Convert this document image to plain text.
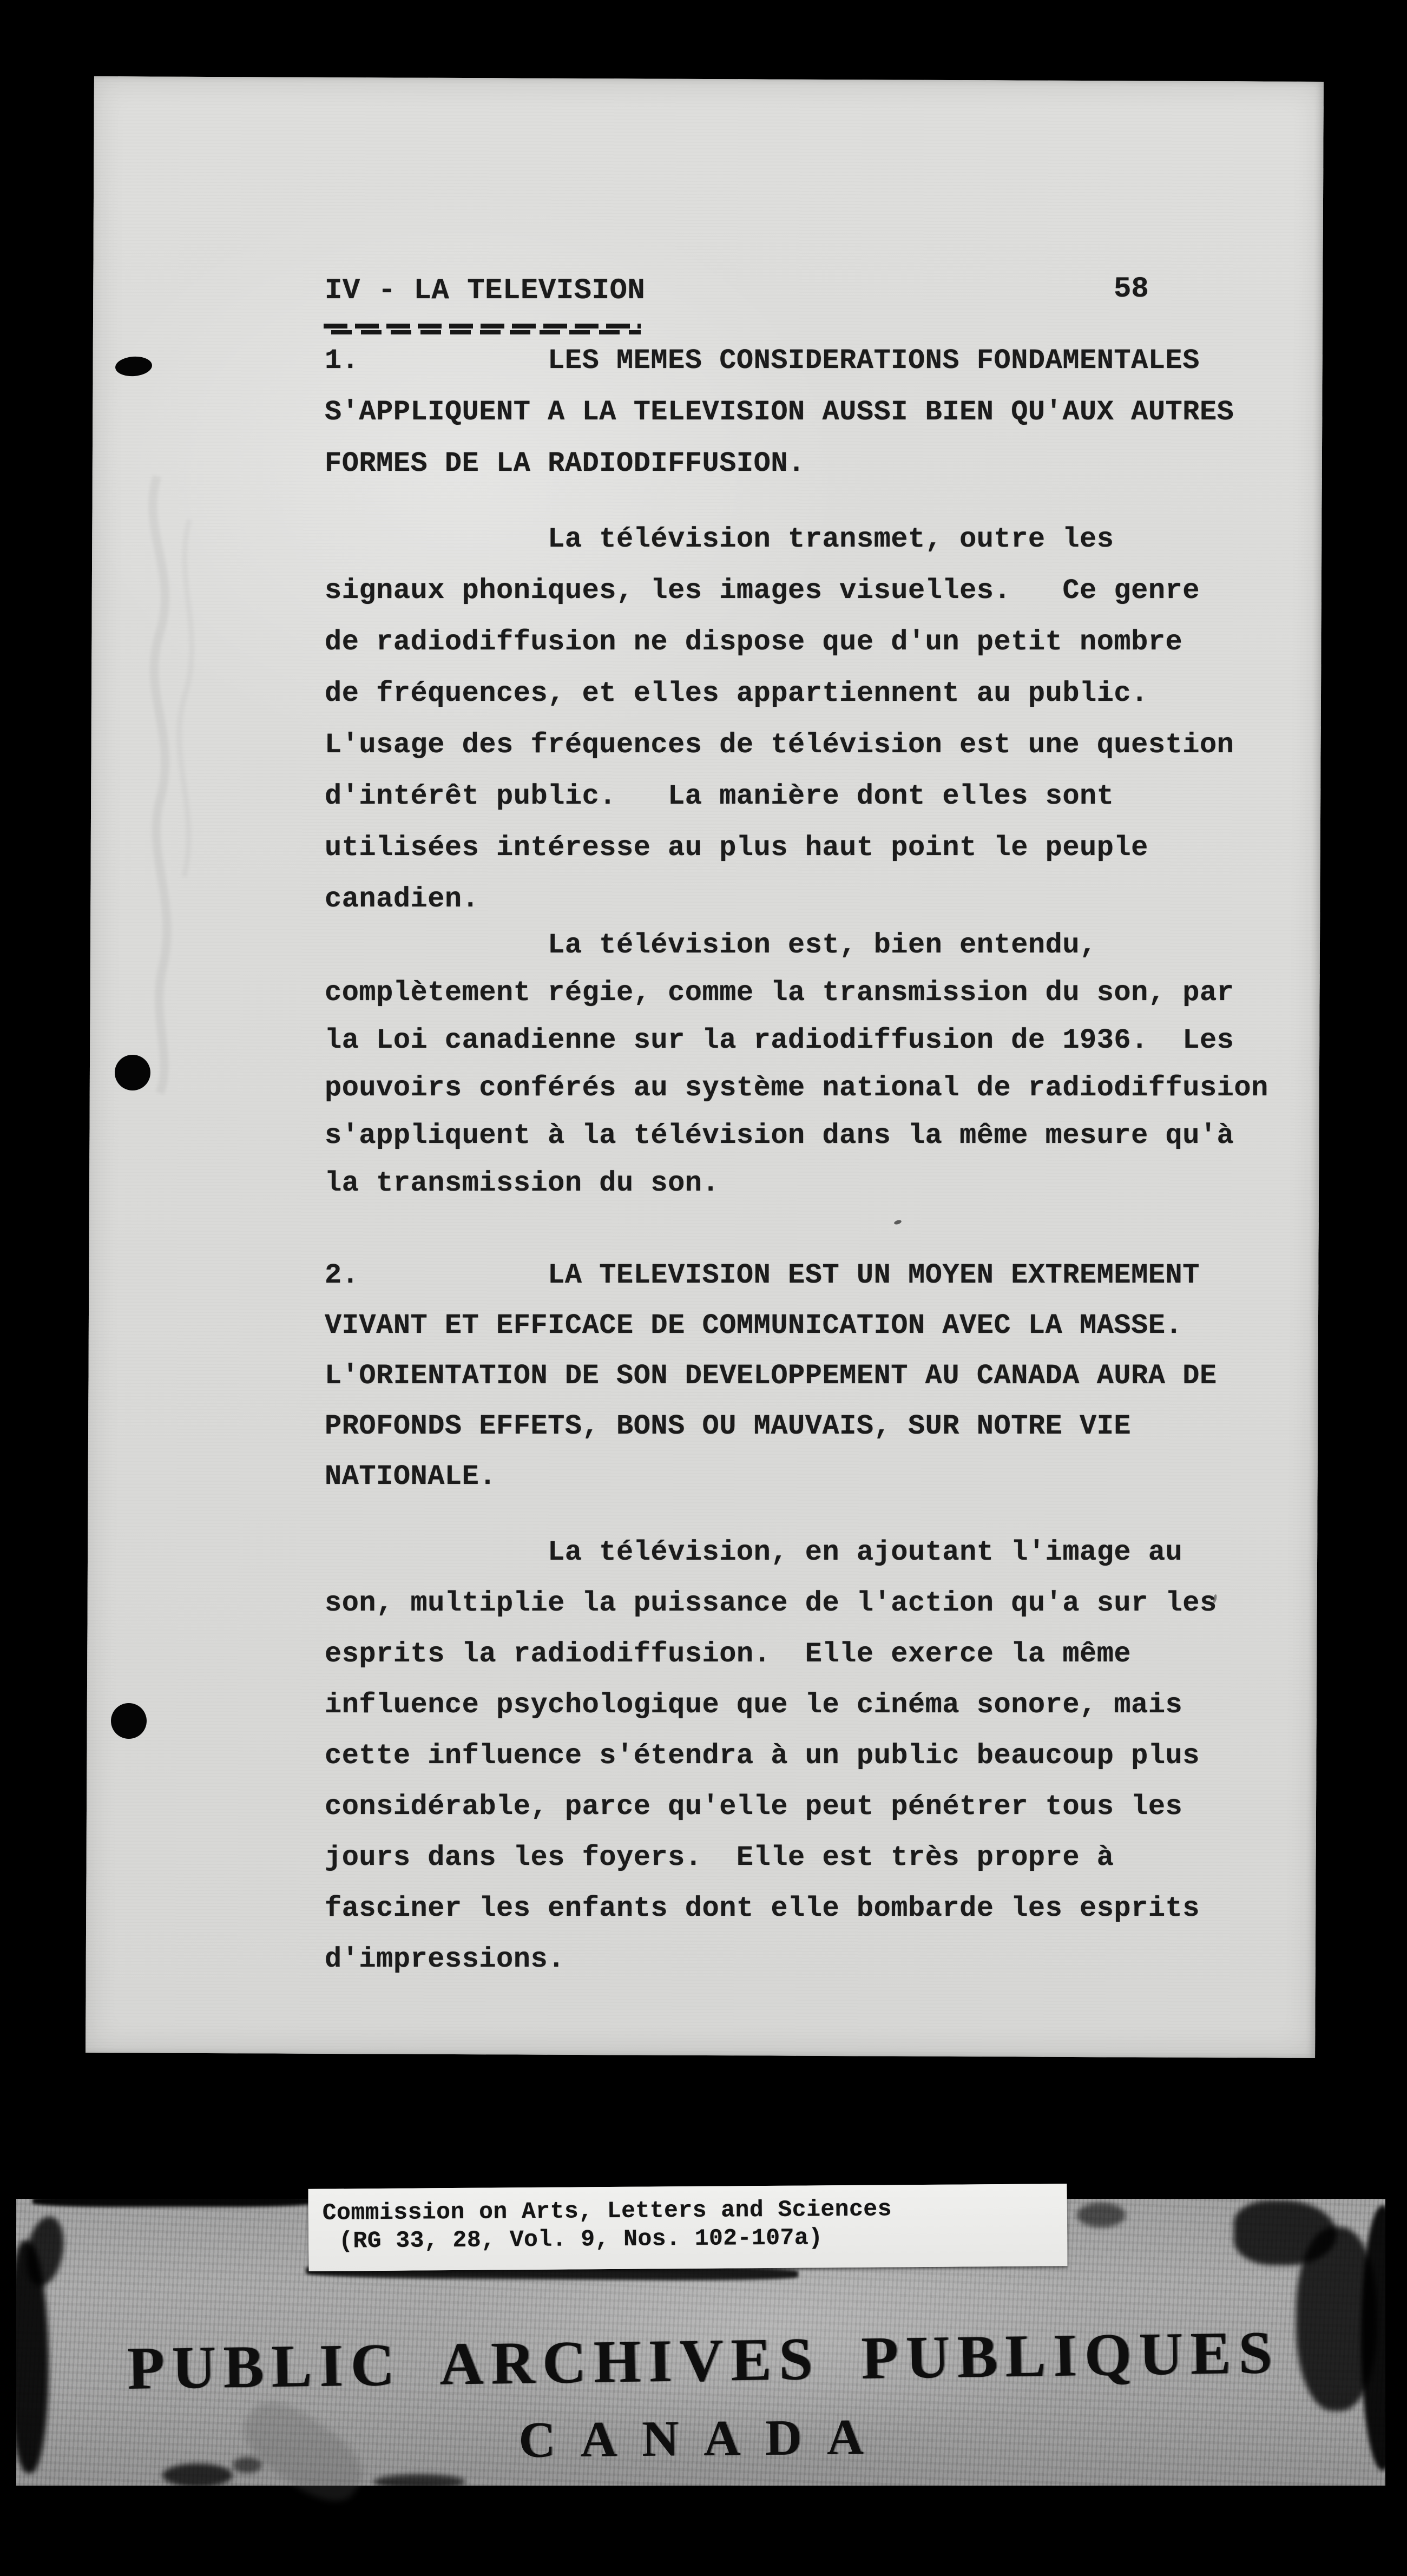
IV - LA TELEVISION	58
1.           LES MEMES CONSIDERATIONS FONDAMENTALES
S'APPLIQUENT A LA TELEVISION AUSSI BIEN QU'AUX AUTRES
FORMES DE LA RADIODIFFUSION.
La télévision transmet, outre les
signaux phoniques, les images visuelles.   Ce genre
de radiodiffusion ne dispose que d'un petit nombre
de fréquences, et elles appartiennent au public.
L'usage des fréquences de télévision est une question
d'intérêt public.   La manière dont elles sont
utilisées intéresse au plus haut point le peuple
canadien.
La télévision est, bien entendu,
complètement régie, comme la transmission du son, par
la Loi canadienne sur la radiodiffusion de 1936.  Les
pouvoirs conférés au système national de radiodiffusion
s'appliquent à la télévision dans la même mesure qu'à
la transmission du son.
2.           LA TELEVISION EST UN MOYEN EXTREMEMENT
VIVANT ET EFFICACE DE COMMUNICATION AVEC LA MASSE.
L'ORIENTATION DE SON DEVELOPPEMENT AU CANADA AURA DE
PROFONDS EFFETS, BONS OU MAUVAIS, SUR NOTRE VIE
NATIONALE.
La télévision, en ajoutant l'image au
son, multiplie la puissance de l'action qu'a sur les
esprits la radiodiffusion.  Elle exerce la même
influence psychologique que le cinéma sonore, mais
cette influence s'étendra à un public beaucoup plus
considérable, parce qu'elle peut pénétrer tous les
jours dans les foyers.  Elle est très propre à
fasciner les enfants dont elle bombarde les esprits
d'impressions.
Commission on Arts, Letters and Sciences
(RG 33, 28, Vol. 9, Nos. 102-107a)
PUBLIC ARCHIVES PUBLIQUES
CANADA
